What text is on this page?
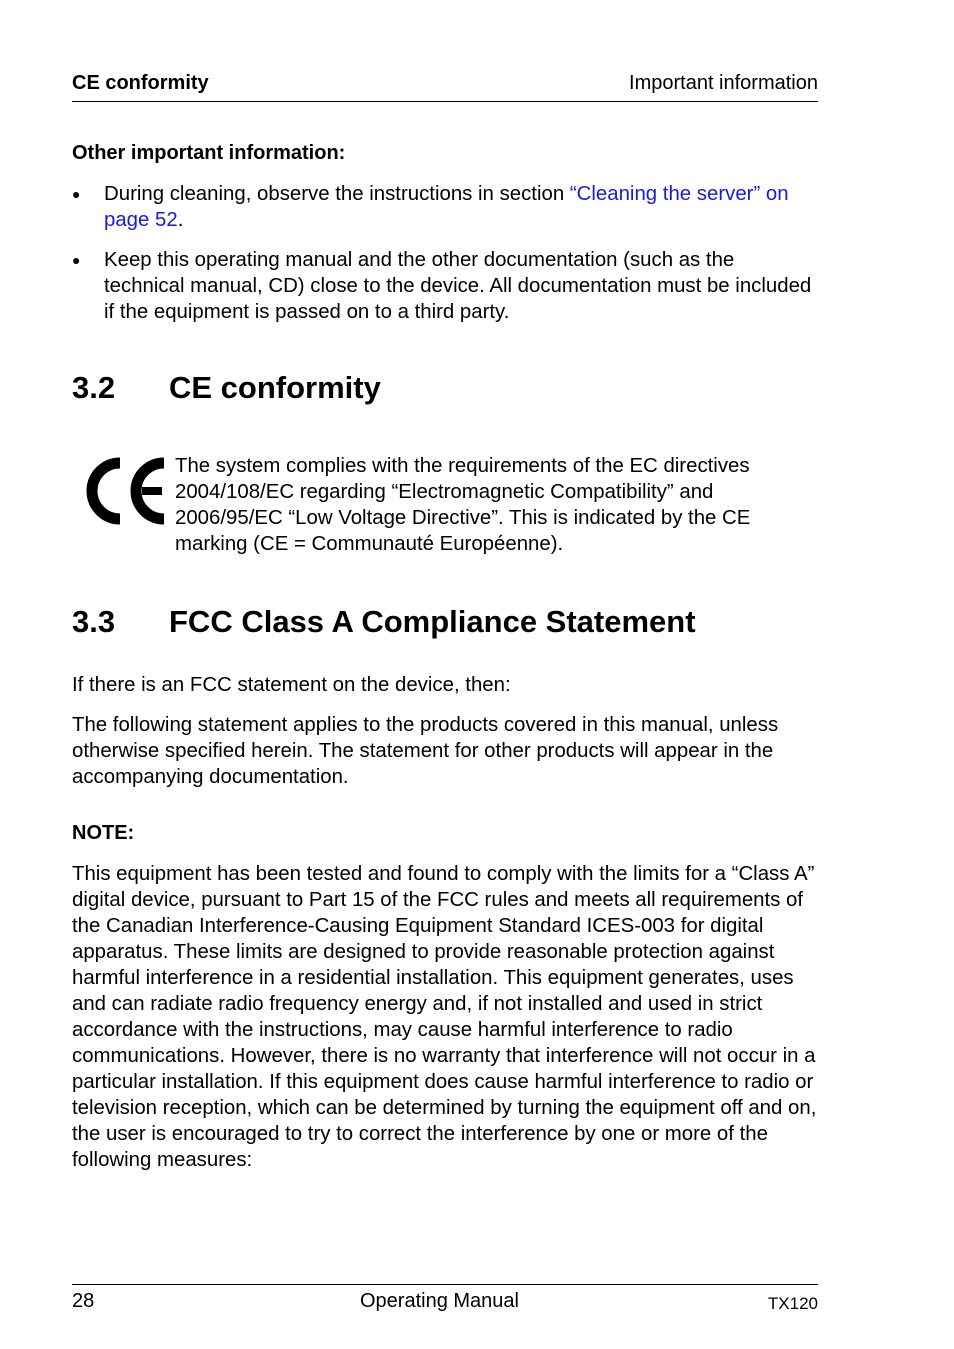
CE conformity	Important information
Other important information:
● During cleaning, observe the instructions in section “Cleaning the server” on page 52.
● Keep this operating manual and the other documentation (such as the technical manual, CD) close to the device. All documentation must be included if the equipment is passed on to a third party.
3.2 CE conformity
The system complies with the requirements of the EC directives 2004/108/EC regarding “Electromagnetic Compatibility” and 2006/95/EC “Low Voltage Directive”. This is indicated by the CE marking (CE = Communauté Européenne).
3.3 FCC Class A Compliance Statement
If there is an FCC statement on the device, then:
The following statement applies to the products covered in this manual, unless otherwise specified herein. The statement for other products will appear in the accompanying documentation.
NOTE:
This equipment has been tested and found to comply with the limits for a “Class A” digital device, pursuant to Part 15 of the FCC rules and meets all requirements of the Canadian Interference-Causing Equipment Standard ICES-003 for digital apparatus. These limits are designed to provide reasonable protection against harmful interference in a residential installation. This equipment generates, uses and can radiate radio frequency energy and, if not installed and used in strict accordance with the instructions, may cause harmful interference to radio communications. However, there is no warranty that interference will not occur in a particular installation. If this equipment does cause harmful interference to radio or television reception, which can be determined by turning the equipment off and on, the user is encouraged to try to correct the interference by one or more of the following measures:
28	Operating Manual	TX120
